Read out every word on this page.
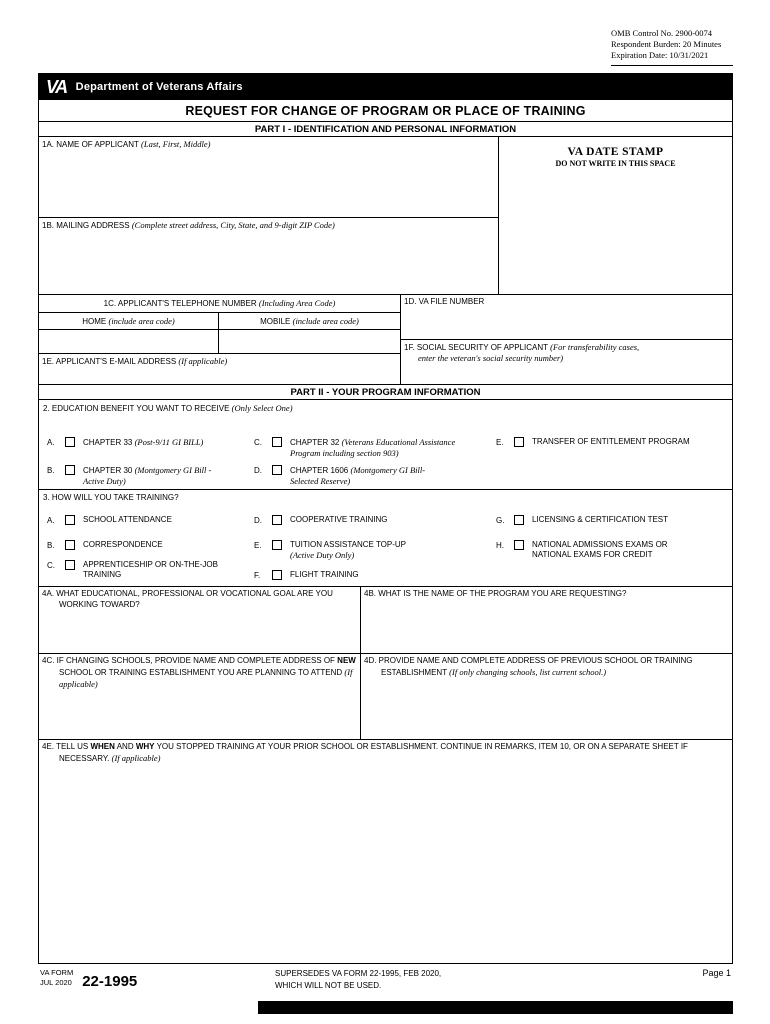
OMB Control No. 2900-0074
Respondent Burden: 20 Minutes
Expiration Date: 10/31/2021
VA Department of Veterans Affairs
REQUEST FOR CHANGE OF PROGRAM OR PLACE OF TRAINING
PART I - IDENTIFICATION AND PERSONAL INFORMATION
1A. NAME OF APPLICANT (Last, First, Middle)
1B. MAILING ADDRESS (Complete street address, City, State, and 9-digit ZIP Code)
VA DATE STAMP
DO NOT WRITE IN THIS SPACE
1C. APPLICANT'S TELEPHONE NUMBER (Including Area Code)
HOME (include area code)	MOBILE (include area code)
1E. APPLICANT'S E-MAIL ADDRESS (If applicable)
1D. VA FILE NUMBER
1F. SOCIAL SECURITY OF APPLICANT (For transferability cases,
enter the veteran's social security number)
PART II - YOUR PROGRAM INFORMATION
2. EDUCATION BENEFIT YOU WANT TO RECEIVE (Only Select One)
A.	CHAPTER 33 (Post-9/11 GI BILL)
B.	CHAPTER 30 (Montgomery GI Bill -
Active Duty)
C.	CHAPTER 32 (Veterans Educational Assistance
Program including section 903)
D.	CHAPTER 1606 (Montgomery GI Bill-
Selected Reserve)
E.	TRANSFER OF ENTITLEMENT PROGRAM
3. HOW WILL YOU TAKE TRAINING?
A.	SCHOOL ATTENDANCE
B.	CORRESPONDENCE
C.	APPRENTICESHIP OR ON-THE-JOB TRAINING
D.	COOPERATIVE TRAINING
E.	TUITION ASSISTANCE TOP-UP
(Active Duty Only)
F.	FLIGHT TRAINING
G.	LICENSING & CERTIFICATION TEST
H.	NATIONAL ADMISSIONS EXAMS OR NATIONAL EXAMS FOR CREDIT
4A. WHAT EDUCATIONAL, PROFESSIONAL OR VOCATIONAL GOAL ARE YOU WORKING TOWARD?
4B. WHAT IS THE NAME OF THE PROGRAM YOU ARE REQUESTING?
4C. IF CHANGING SCHOOLS, PROVIDE NAME AND COMPLETE ADDRESS OF NEW SCHOOL OR TRAINING ESTABLISHMENT YOU ARE PLANNING TO ATTEND (If applicable)
4D. PROVIDE NAME AND COMPLETE ADDRESS OF PREVIOUS SCHOOL OR TRAINING ESTABLISHMENT (If only changing schools, list current school.)
4E. TELL US WHEN AND WHY YOU STOPPED TRAINING AT YOUR PRIOR SCHOOL OR ESTABLISHMENT. CONTINUE IN REMARKS, ITEM 10, OR ON A SEPARATE SHEET IF NECESSARY. (If applicable)
VA FORM
JUL 2020 22-1995	SUPERSEDES VA FORM 22-1995, FEB 2020,
WHICH WILL NOT BE USED.
Page 1
